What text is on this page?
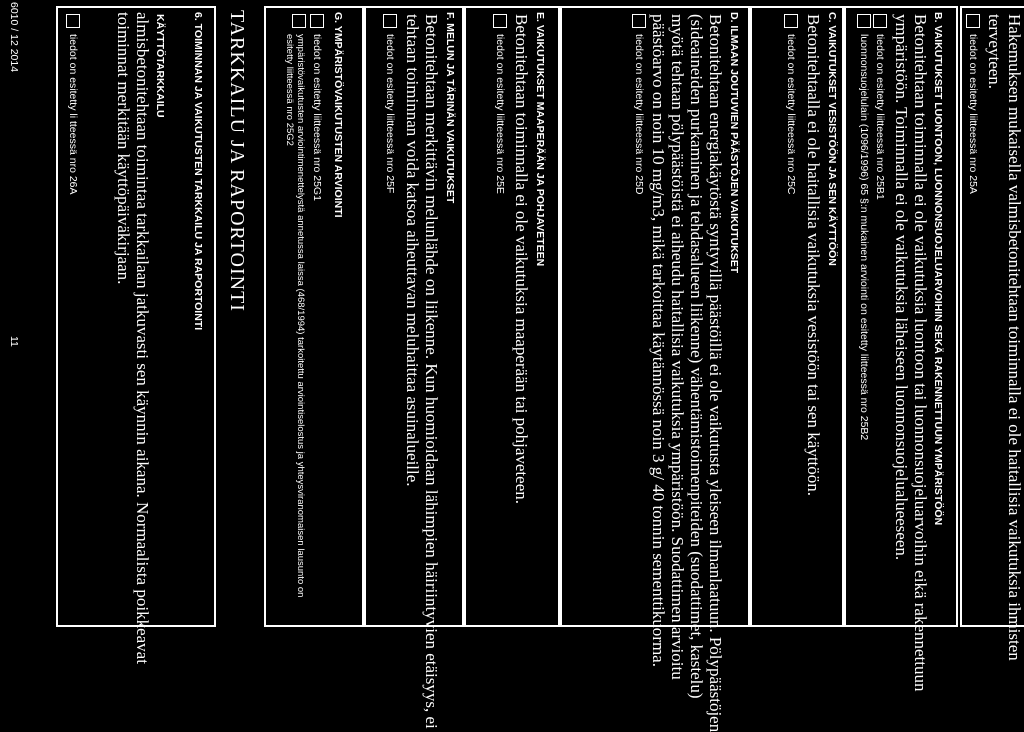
Hakemuksen mukaisella valmisbetonitehtaan toiminnalla ei ole haitallisia vaikutuksia ihmisten
terveyteen.
tiedot on esitetty liitteessä nro 25A
B. VAIKUTUKSET LUONTOON, LUONNONSUOJELUARVOIHIN SEKÄ RAKENNETTUUN YMPÄRISTÖÖN
Betonitehtaan toiminnalla ei ole vaikutuksia luontoon tai luonnonsuojeluarvoihin eikä rakennettuun
ympäristöön. Toiminnalla ei ole vaikutuksia läheiseen luonnonsuojelualueeseen.
tiedot on esitetty liitteessä nro 25B1
luonnonsuojelulain (1096/1996) 65 §:n mukainen arviointi on esitetty liitteessä nro 25B2
C. VAIKUTUKSET VESISTÖÖN JA SEN KÄYTTÖÖN
Betonitehtaalla ei ole haitallisia vaikutuksia vesistöön tai sen käyttöön.
tiedot on esitetty liitteessä nro 25C
D. ILMAAN JOUTUVIEN PÄÄSTÖJEN VAIKUTUKSET
Betonitehtaan energiakäytöstä syntyvillä päästöillä ei ole vaikutusta yleiseen ilmanlaatuun. Pölypäästöjen
(sideaineiden purkaminen ja tehdasalueen liikenne) vähentämistoimenpiteiden (suodattimet, kastelu)
myötä tehtaan pölypäästöistä ei aiheudu haitallisia vaikutuksia ympäristöön. Suodattimen arvioitu
päästöarvo on noin 10 mg/m3, mikä tarkoittaa käytännössä noin 3 g/ 40 tonnin sementtikuorma.
tiedot on esitetty liitteessä nro 25D
E. VAIKUTUKSET MAAPERÄÄN JA POHJAVETEEN
Betonitehtaan toiminnalla ei ole vaikutuksia maaperään tai pohjaveteen.
tiedot on esitetty liitteessä nro 25E
F. MELUN JA TÄRINÄN VAIKUTUKSET
Betonitehtaan merkittävin melunlähde on liikenne. Kun huomioidaan lähimpien häiriintyvien etäisyys, ei
tehtaan toiminnan voida katsoa aiheuttavan meluhaittaa asuinalueille.
tiedot on esitetty liitteessä nro 25F
G. YMPÄRISTÖVAIKUTUSTEN ARVIOINTI
tiedot on esitetty liitteessä nro 25G1
ympäristövaikutusten arviointimenettelystä annetussa laissa (468/1994) tarkoitettu arviointiselostus ja yhteysviranomaisen lausunto on
esitetty liitteessä nro 25G2
TARKKAILU JA RAPORTOINTI
6. TOIMINNAN JA VAIKUTUSTEN TARKKAILU JA RAPORTOINTI
KÄYTTÖTARKKAILU
almisbetonitehtaan toimintaa tarkkailaan jatkuvasti sen käynnin aikana. Normaalista poikkeavat
toiminnat merkitään käyttöpäiväkirjaan.
tiedot on esitetty li tteessä nro 26A
6010 / 12 2014
11
